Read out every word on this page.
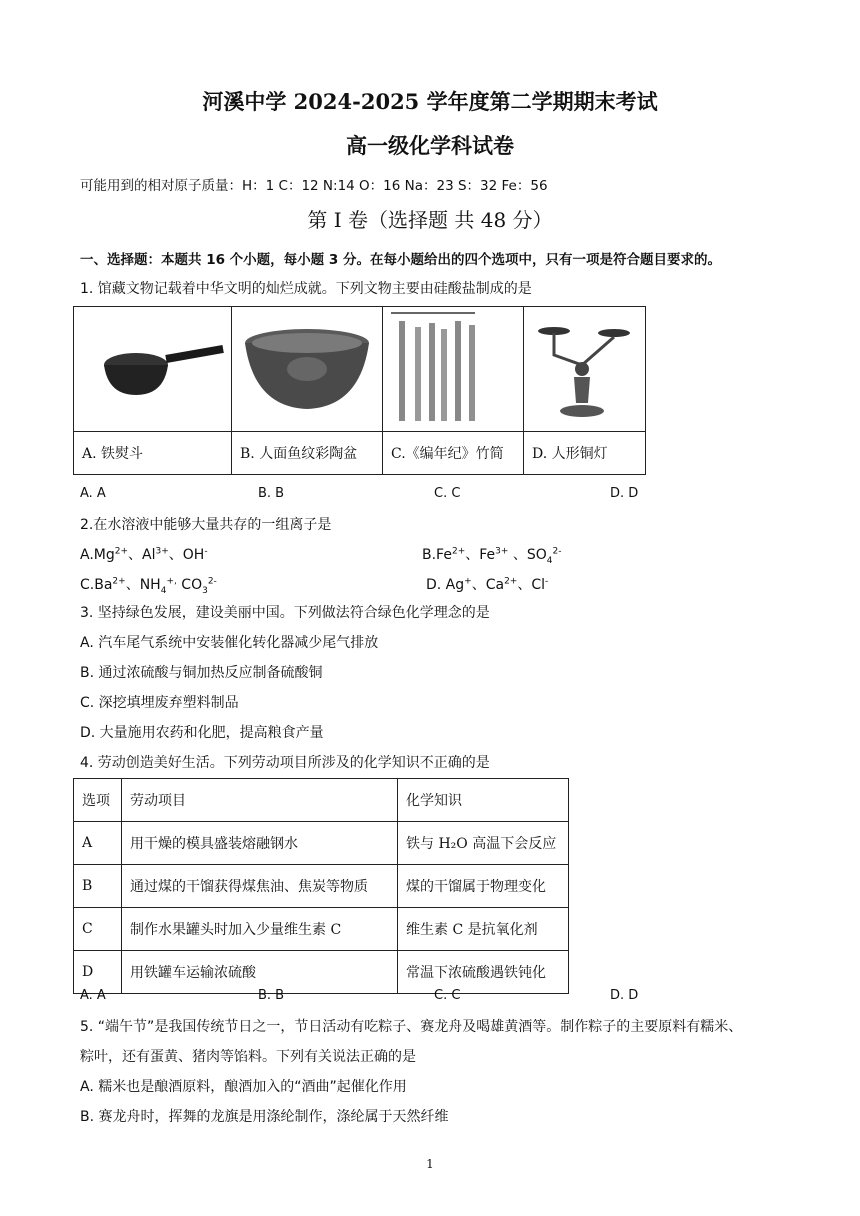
河溪中学 2024-2025 学年度第二学期期末考试
高一级化学科试卷
可能用到的相对原子质量：H：1 C：12 N:14 O：16 Na：23 S：32 Fe：56
第 I 卷（选择题 共 48 分）
一、选择题：本题共 16 个小题，每小题 3 分。在每小题给出的四个选项中，只有一项是符合题目要求的。
1. 馆藏文物记载着中华文明的灿烂成就。下列文物主要由硅酸盐制成的是

A. 铁熨斗	B. 人面鱼纹彩陶盆	C.《编年纪》竹简	D. 人形铜灯
A. A	B. B	C. C	D. D
2.在水溶液中能够大量共存的一组离子是
$A.Mg^{2+}$、$Al^{3+}$、OH-	$B.Fe^{2+}$、$Fe^{3+}$ 、$SO_4^{2-}$
$C.Ba^{2+}$、$NH_4^{+,}$ $CO_3^{2-}$	D. Ag+、$Ca^{2+}$、Cl-
3. 坚持绿色发展，建设美丽中国。下列做法符合绿色化学理念的是
A. 汽车尾气系统中安装催化转化器减少尾气排放
B. 通过浓硫酸与铜加热反应制备硫酸铜
C. 深挖填埋废弃塑料制品
D. 大量施用农药和化肥，提高粮食产量
4. 劳动创造美好生活。下列劳动项目所涉及的化学知识不正确的是
选项	劳动项目	化学知识
A	用干燥的模具盛装熔融钢水	铁与 H₂O 高温下会反应
B	通过煤的干馏获得煤焦油、焦炭等物质	煤的干馏属于物理变化
C	制作水果罐头时加入少量维生素 C	维生素 C 是抗氧化剂
D	用铁罐车运输浓硫酸	常温下浓硫酸遇铁钝化
A. A	B. B	C. C	D. D
5. “端午节”是我国传统节日之一，节日活动有吃粽子、赛龙舟及喝雄黄酒等。制作粽子的主要原料有糯米、
粽叶，还有蛋黄、猪肉等馅料。下列有关说法正确的是
A. 糯米也是酿酒原料，酿酒加入的“酒曲”起催化作用
B. 赛龙舟时，挥舞的龙旗是用涤纶制作，涤纶属于天然纤维
1
